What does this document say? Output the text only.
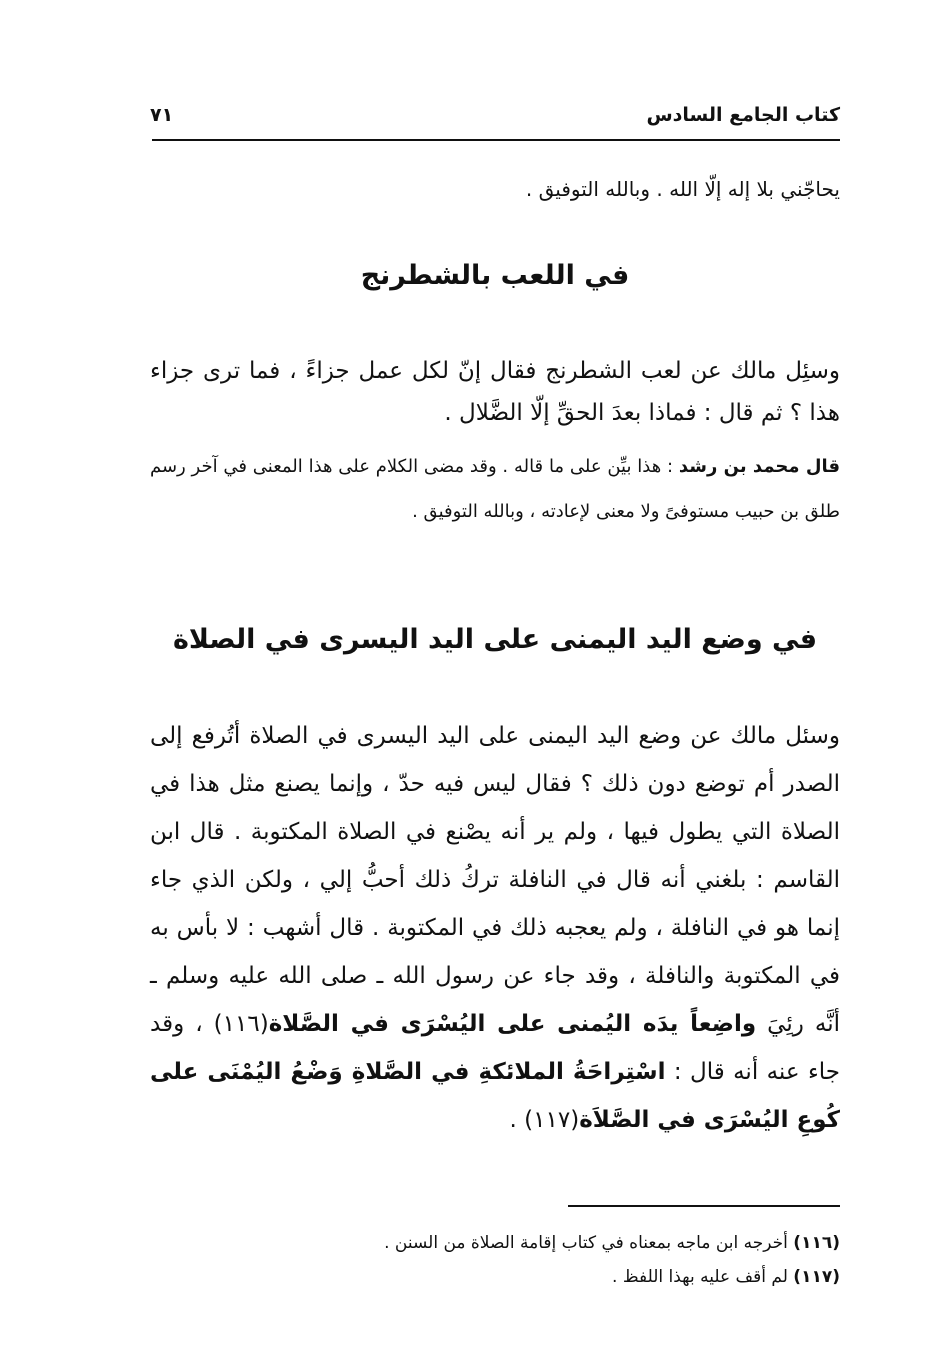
كتاب الجامع السادس
٧١
يحاجّني بلا إله إلّا الله . وبالله التوفيق .
في اللعب بالشطرنج
وسئِل مالك عن لعب الشطرنج فقال إنّ لكل عمل جزاءً ، فما ترى جزاء هذا ؟ ثم قال : فماذا بعدَ الحقِّ إلّا الضَّلال .
قال محمد بن رشد : هذا بيِّن على ما قاله . وقد مضى الكلام على هذا المعنى في آخر رسم طلق بن حبيب مستوفىً ولا معنى لإعادته ، وبالله التوفيق .
في وضع اليد اليمنى على اليد اليسرى في الصلاة
وسئل مالك عن وضع اليد اليمنى على اليد اليسرى في الصلاة أتُرفع إلى الصدر أم توضع دون ذلك ؟ فقال ليس فيه حدّ ، وإنما يصنع مثل هذا في الصلاة التي يطول فيها ، ولم ير أنه يصْنع في الصلاة المكتوبة . قال ابن القاسم : بلغني أنه قال في النافلة تركُ ذلك أحبُّ إلي ، ولكن الذي جاء إنما هو في النافلة ، ولم يعجبه ذلك في المكتوبة . قال أشهب : لا بأس به في المكتوبة والنافلة ، وقد جاء عن رسول الله ـ صلى الله عليه وسلم ـ أنَّه رئِيَ واضِعاً يدَه اليُمنى على اليُسْرَى في الصَّلاة(١١٦) ، وقد جاء عنه أنه قال : اسْتِراحَةُ الملائكةِ في الصَّلاةِ وَضْعُ اليُمْنَى على كُوعِ اليُسْرَى في الصَّلاَة(١١٧) .
(١١٦) أخرجه ابن ماجه بمعناه في كتاب إقامة الصلاة من السنن .
(١١٧) لم أقف عليه بهذا اللفظ .
